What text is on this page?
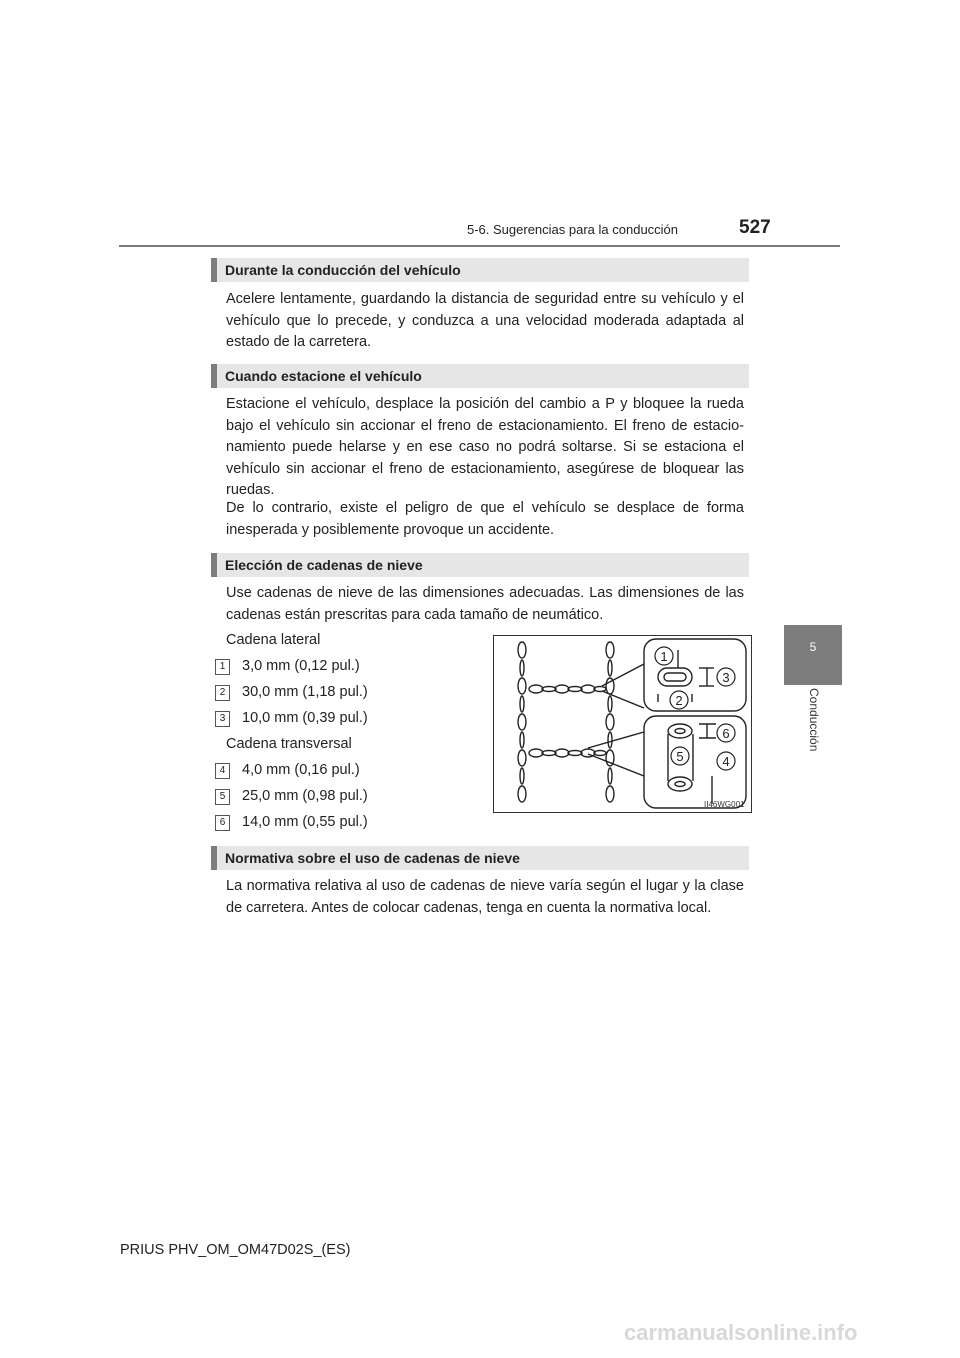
5-6. Sugerencias para la conducción	527
5
Conducción
Durante la conducción del vehículo

Acelere lentamente, guardando la distancia de seguridad entre su vehículo y el vehículo que lo precede, y conduzca a una velocidad moderada adaptada al estado de la carretera.

Cuando estacione el vehículo

Estacione el vehículo, desplace la posición del cambio a P y bloquee la rueda bajo el vehículo sin accionar el freno de estacionamiento. El freno de estacio-namiento puede helarse y en ese caso no podrá soltarse. Si se estaciona el vehículo sin accionar el freno de estacionamiento, asegúrese de bloquear las ruedas.

De lo contrario, existe el peligro de que el vehículo se desplace de forma inesperada y posiblemente provoque un accidente.

Elección de cadenas de nieve

Use cadenas de nieve de las dimensiones adecuadas. Las dimensiones de las cadenas están prescritas para cada tamaño de neumático.

Cadena lateral
1	3,0 mm (0,12 pul.)
2	30,0 mm (1,18 pul.)
3	10,0 mm (0,39 pul.)
Cadena transversal
4	4,0 mm (0,16 pul.)
5	25,0 mm (0,98 pul.)
6	14,0 mm (0,55 pul.)
1
2
3
4
5
6
II46WG001
Normativa sobre el uso de cadenas de nieve

La normativa relativa al uso de cadenas de nieve varía según el lugar y la clase de carretera. Antes de colocar cadenas, tenga en cuenta la normativa local.

PRIUS PHV_OM_OM47D02S_(ES)
carmanualsonline.info
